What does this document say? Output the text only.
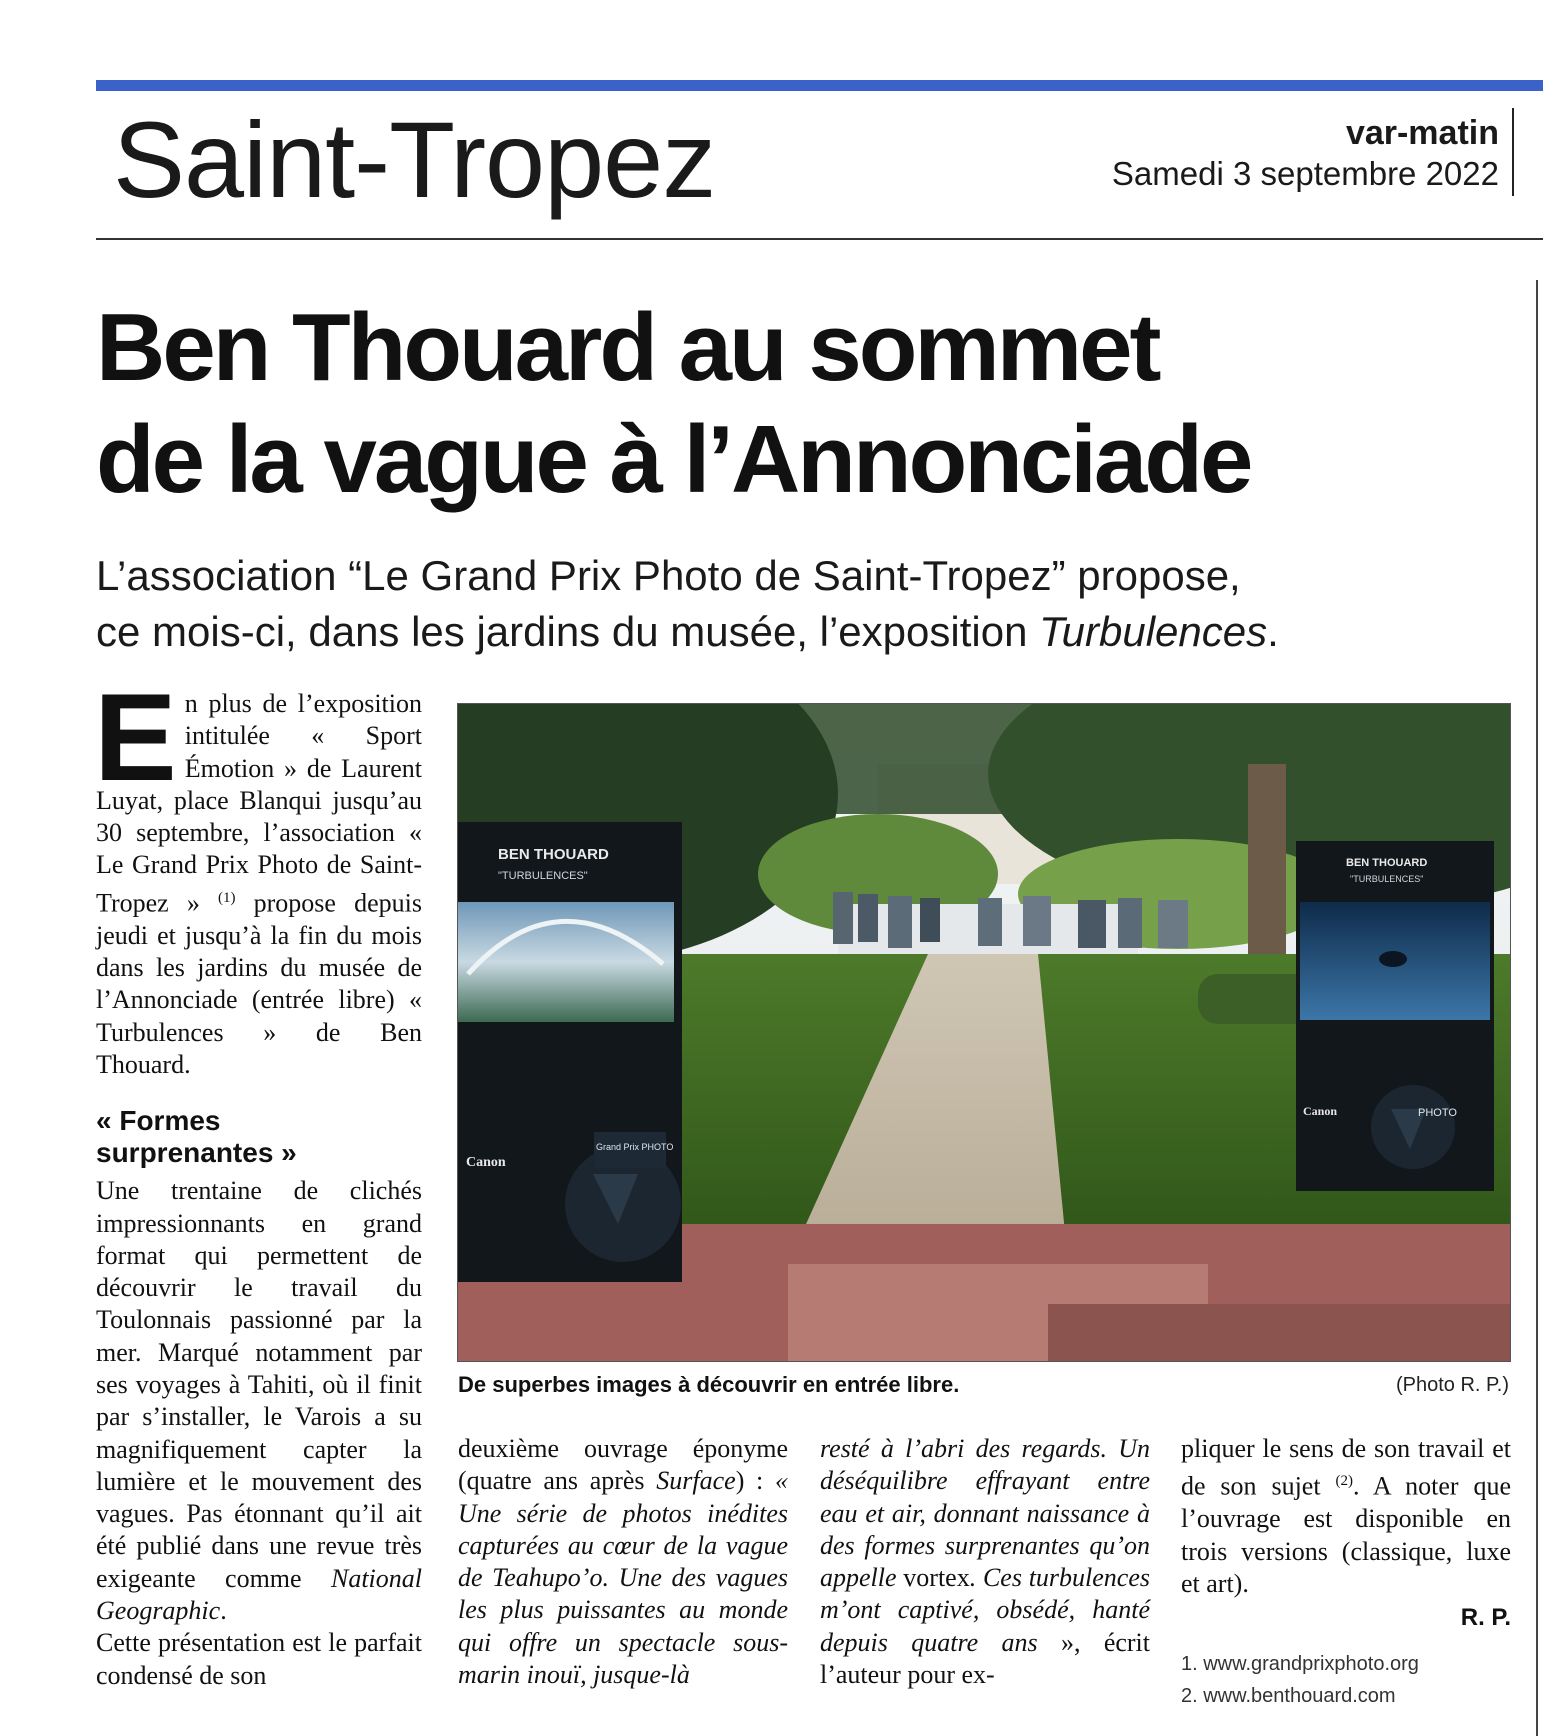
Saint-Tropez	var-matin
Samedi 3 septembre 2022
Ben Thouard au sommet
de la vague à l’Annonciade

L’association “Le Grand Prix Photo de Saint-Tropez” propose,
ce mois-ci, dans les jardins du musée, l’exposition Turbulences.

En plus de l’exposition intitulée « Sport Émotion » de Laurent Luyat, place Blanqui jusqu’au 30 septembre, l’association « Le Grand Prix Photo de Saint-Tropez » $^{(1)}$ propose depuis jeudi et jusqu’à la fin du mois dans les jardins du musée de l’Annonciade (entrée libre) « Turbulences » de Ben Thouard.

« Formes
surprenantes »

Une trentaine de clichés impressionnants en grand format qui permettent de découvrir le travail du Toulonnais passionné par la mer. Marqué notamment par ses voyages à Tahiti, où il finit par s’installer, le Varois a su magnifiquement capter la lumière et le mouvement des vagues. Pas étonnant qu’il ait été publié dans une revue très exigeante comme National Geographic.

Cette présentation est le parfait condensé de son

BEN THOUARD
"TURBULENCES"
Canon
Grand Prix PHOTO
BEN THOUARD
"TURBULENCES"
Canon	PHOTO
De superbes images à découvrir en entrée libre.	(Photo R. P.)

deuxième ouvrage éponyme (quatre ans après Surface) : « Une série de photos inédites capturées au cœur de la vague de Teahupo’o. Une des vagues les plus puissantes au monde qui offre un spectacle sous-marin inouï, jusque-là

resté à l’abri des regards. Un déséquilibre effrayant entre eau et air, donnant naissance à des formes surprenantes qu’on appelle vortex. Ces turbulences m’ont captivé, obsédé, hanté depuis quatre ans », écrit l’auteur pour ex-

pliquer le sens de son travail et de son sujet $^{(2)}$. A noter que l’ouvrage est disponible en trois versions (classique, luxe et art).

R. P.
1. www.grandprixphoto.org
2. www.benthouard.com
